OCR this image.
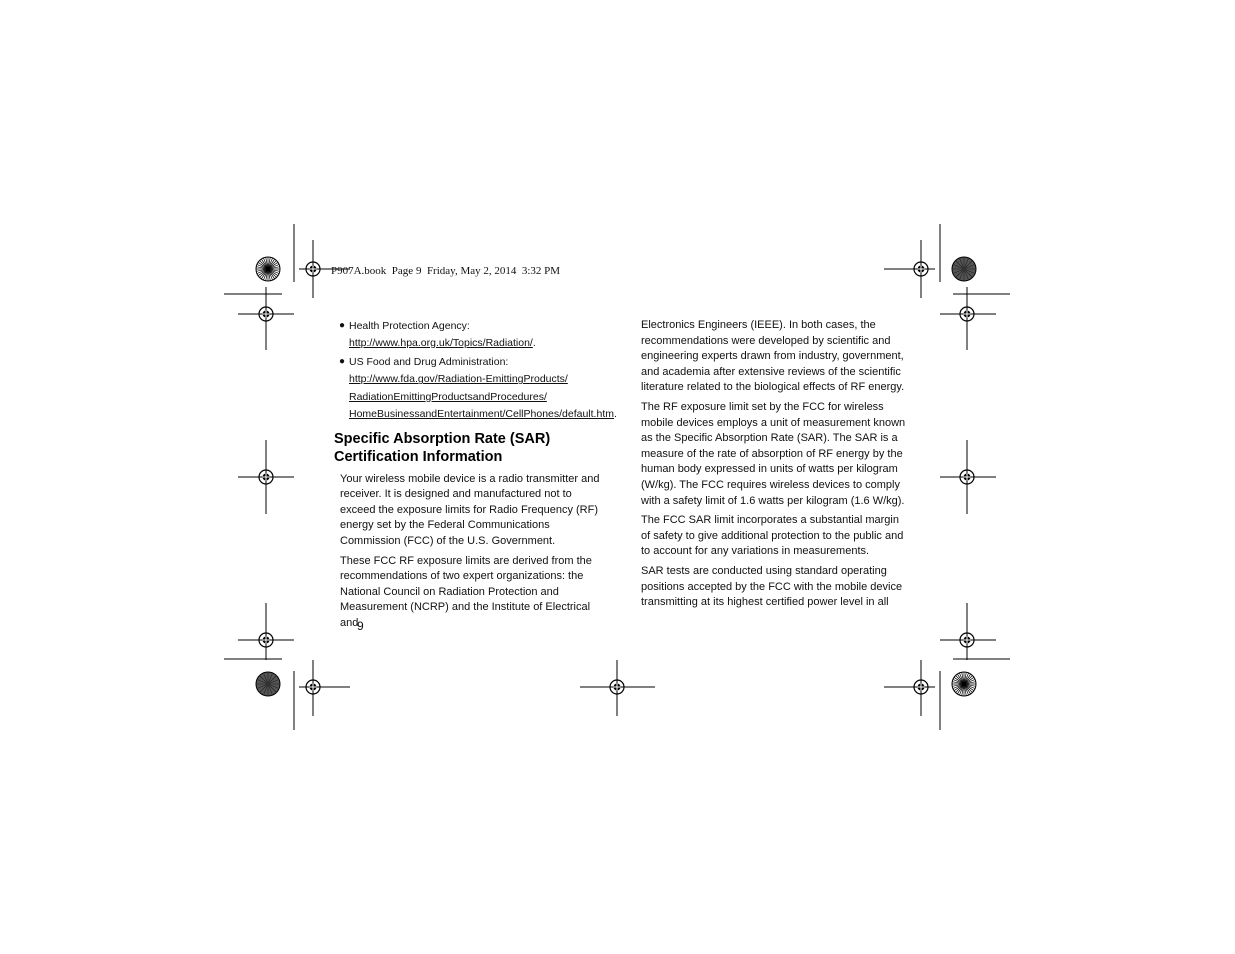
P907A.book  Page 9  Friday, May 2, 2014  3:32 PM
● Health Protection Agency:
http://www.hpa.org.uk/Topics/Radiation/.
● US Food and Drug Administration:
http://www.fda.gov/Radiation-EmittingProducts/
RadiationEmittingProductsandProcedures/
HomeBusinessandEntertainment/CellPhones/default.htm.
Specific Absorption Rate (SAR)
Certification Information

Your wireless mobile device is a radio transmitter and receiver. It is designed and manufactured not to exceed the exposure limits for Radio Frequency (RF) energy set by the Federal Communications Commission (FCC) of the U.S. Government.

These FCC RF exposure limits are derived from the recommendations of two expert organizations: the National Council on Radiation Protection and Measurement (NCRP) and the Institute of Electrical and

Electronics Engineers (IEEE). In both cases, the recommendations were developed by scientific and engineering experts drawn from industry, government, and academia after extensive reviews of the scientific literature related to the biological effects of RF energy.

The RF exposure limit set by the FCC for wireless mobile devices employs a unit of measurement known as the Specific Absorption Rate (SAR). The SAR is a measure of the rate of absorption of RF energy by the human body expressed in units of watts per kilogram (W/kg). The FCC requires wireless devices to comply with a safety limit of 1.6 watts per kilogram (1.6 W/kg).

The FCC SAR limit incorporates a substantial margin of safety to give additional protection to the public and to account for any variations in measurements.

SAR tests are conducted using standard operating positions accepted by the FCC with the mobile device transmitting at its highest certified power level in all

9
